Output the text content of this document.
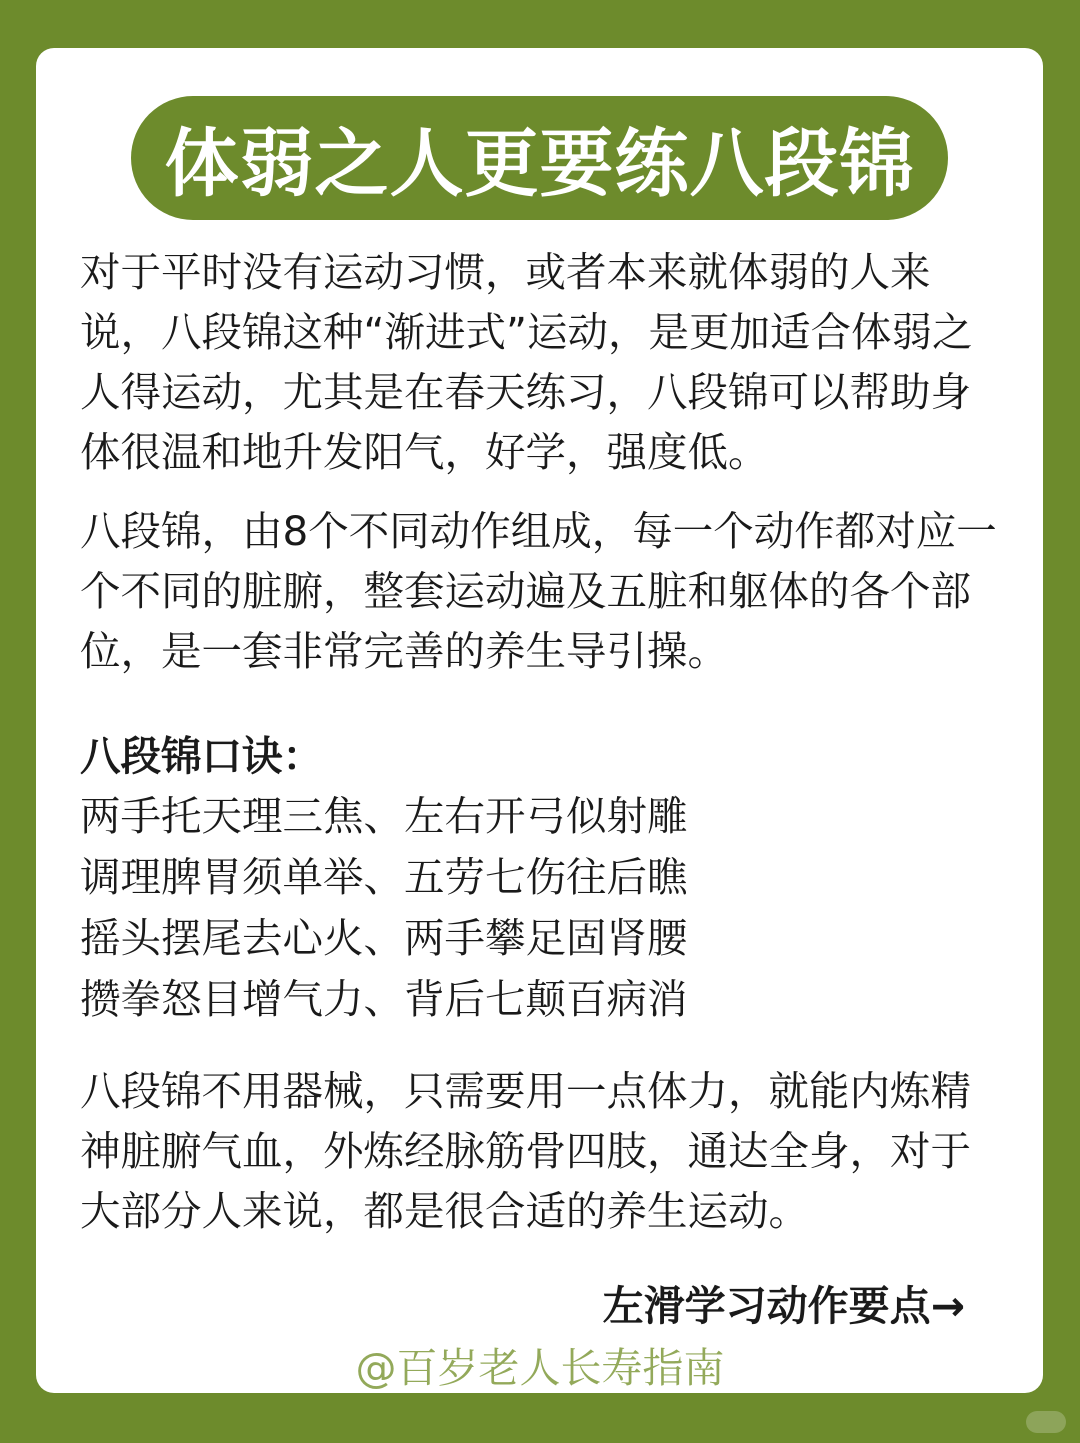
体弱之人更要练八段锦

对于平时没有运动习惯，或者本来就体弱的人来说，八段锦这种“渐进式”运动，是更加适合体弱之人得运动，尤其是在春天练习，八段锦可以帮助身体很温和地升发阳气，好学，强度低。

八段锦，由8个不同动作组成，每一个动作都对应一个不同的脏腑，整套运动遍及五脏和躯体的各个部位，是一套非常完善的养生导引操。

八段锦口诀：

两手托天理三焦、左右开弓似射雕
调理脾胃须单举、五劳七伤往后瞧
摇头摆尾去心火、两手攀足固肾腰
攒拳怒目增气力、背后七颠百病消

八段锦不用器械，只需要用一点体力，就能内炼精神脏腑气血，外炼经脉筋骨四肢，通达全身，对于大部分人来说，都是很合适的养生运动。

左滑学习动作要点→
@百岁老人长寿指南
